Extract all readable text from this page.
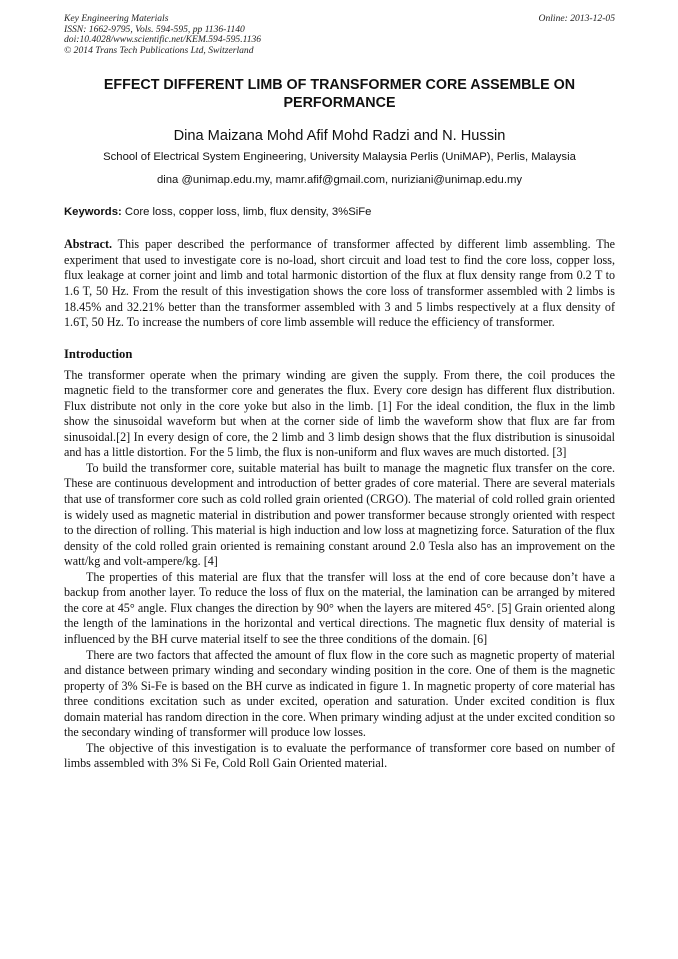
Key Engineering Materials
ISSN: 1662-9795, Vols. 594-595, pp 1136-1140
doi:10.4028/www.scientific.net/KEM.594-595.1136
© 2014 Trans Tech Publications Ltd, Switzerland
Online: 2013-12-05
EFFECT DIFFERENT LIMB OF TRANSFORMER CORE ASSEMBLE ON PERFORMANCE
Dina Maizana Mohd Afif Mohd Radzi and N. Hussin
School of Electrical System Engineering, University Malaysia Perlis (UniMAP), Perlis, Malaysia
dina @unimap.edu.my, mamr.afif@gmail.com, nuriziani@unimap.edu.my
Keywords: Core loss, copper loss, limb, flux density, 3%SiFe
Abstract. This paper described the performance of transformer affected by different limb assembling. The experiment that used to investigate core is no-load, short circuit and load test to find the core loss, copper loss, flux leakage at corner joint and limb and total harmonic distortion of the flux at flux density range from 0.2 T to 1.6 T, 50 Hz. From the result of this investigation shows the core loss of transformer assembled with 2 limbs is 18.45% and 32.21% better than the transformer assembled with 3 and 5 limbs respectively at a flux density of 1.6T, 50 Hz. To increase the numbers of core limb assemble will reduce the efficiency of transformer.
Introduction

The transformer operate when the primary winding are given the supply. From there, the coil produces the magnetic field to the transformer core and generates the flux. Every core design has different flux distribution. Flux distribute not only in the core yoke but also in the limb. [1] For the ideal condition, the flux in the limb show the sinusoidal waveform but when at the corner side of limb the waveform show that flux are far from sinusoidal.[2] In every design of core, the 2 limb and 3 limb design shows that the flux distribution is sinusoidal and has a little distortion. For the 5 limb, the flux is non-uniform and flux waves are much distorted. [3]

To build the transformer core, suitable material has built to manage the magnetic flux transfer on the core. These are continuous development and introduction of better grades of core material. There are several materials that use of transformer core such as cold rolled grain oriented (CRGO). The material of cold rolled grain oriented is widely used as magnetic material in distribution and power transformer because strongly oriented with respect to the direction of rolling. This material is high induction and low loss at magnetizing force. Saturation of the flux density of the cold rolled grain oriented is remaining constant around 2.0 Tesla also has an improvement on the watt/kg and volt-ampere/kg. [4]

The properties of this material are flux that the transfer will loss at the end of core because don’t have a backup from another layer. To reduce the loss of flux on the material, the lamination can be arranged by mitered the core at 45° angle. Flux changes the direction by 90° when the layers are mitered 45°. [5] Grain oriented along the length of the laminations in the horizontal and vertical directions. The magnetic flux density of material is influenced by the BH curve material itself to see the three conditions of the domain. [6]

There are two factors that affected the amount of flux flow in the core such as magnetic property of material and distance between primary winding and secondary winding position in the core. One of them is the magnetic property of 3% Si-Fe is based on the BH curve as indicated in figure 1. In magnetic property of core material has three conditions excitation such as under excited, operation and saturation. Under excited condition is flux domain material has random direction in the core. When primary winding adjust at the under excited condition so the secondary winding of transformer will produce low losses.

The objective of this investigation is to evaluate the performance of transformer core based on number of limbs assembled with 3% Si Fe, Cold Roll Gain Oriented material.
